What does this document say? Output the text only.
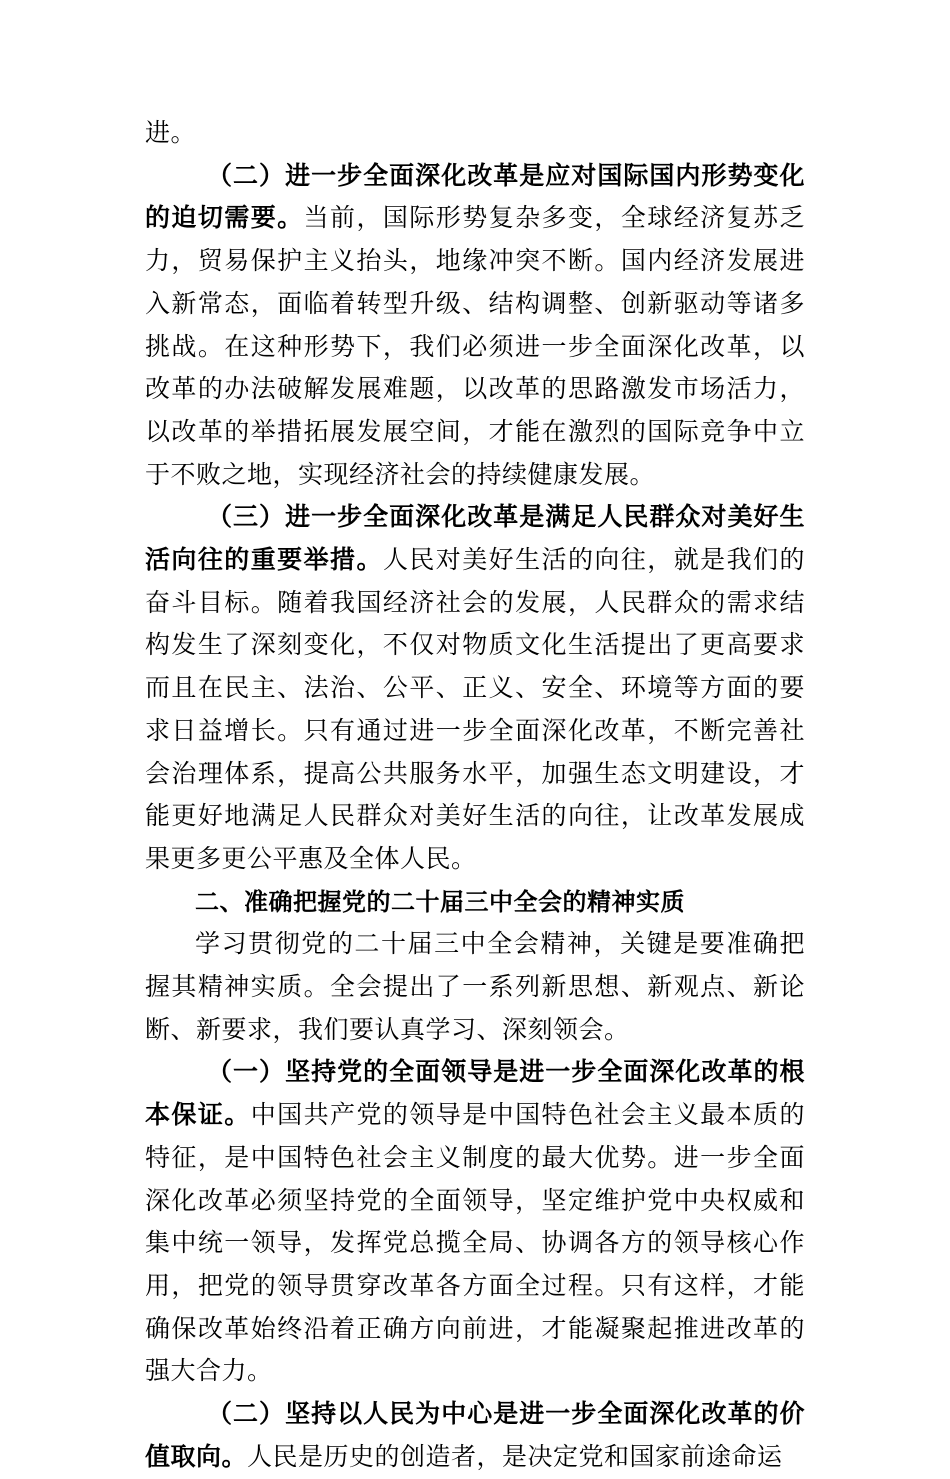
进。

（二）进一步全面深化改革是应对国际国内形势变化的迫切需要。当前，国际形势复杂多变，全球经济复苏乏力，贸易保护主义抬头，地缘冲突不断。国内经济发展进入新常态，面临着转型升级、结构调整、创新驱动等诸多挑战。在这种形势下，我们必须进一步全面深化改革，以改革的办法破解发展难题，以改革的思路激发市场活力，以改革的举措拓展发展空间，才能在激烈的国际竞争中立于不败之地，实现经济社会的持续健康发展。

（三）进一步全面深化改革是满足人民群众对美好生活向往的重要举措。人民对美好生活的向往，就是我们的奋斗目标。随着我国经济社会的发展，人民群众的需求结构发生了深刻变化，不仅对物质文化生活提出了更高要求而且在民主、法治、公平、正义、安全、环境等方面的要求日益增长。只有通过进一步全面深化改革，不断完善社会治理体系，提高公共服务水平，加强生态文明建设，才能更好地满足人民群众对美好生活的向往，让改革发展成果更多更公平惠及全体人民。

二、准确把握党的二十届三中全会的精神实质

学习贯彻党的二十届三中全会精神，关键是要准确把握其精神实质。全会提出了一系列新思想、新观点、新论断、新要求，我们要认真学习、深刻领会。

（一）坚持党的全面领导是进一步全面深化改革的根本保证。中国共产党的领导是中国特色社会主义最本质的特征，是中国特色社会主义制度的最大优势。进一步全面深化改革必须坚持党的全面领导，坚定维护党中央权威和集中统一领导，发挥党总揽全局、协调各方的领导核心作用，把党的领导贯穿改革各方面全过程。只有这样，才能确保改革始终沿着正确方向前进，才能凝聚起推进改革的强大合力。

（二）坚持以人民为中心是进一步全面深化改革的价值取向。人民是历史的创造者，是决定党和国家前途命运
